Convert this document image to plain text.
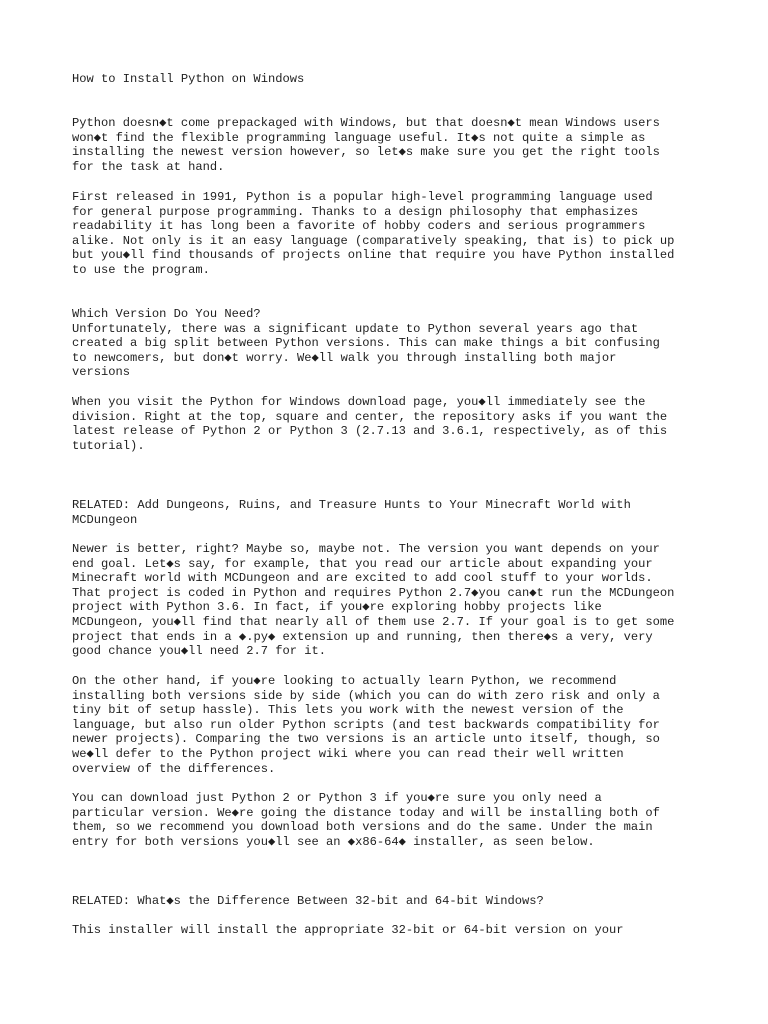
How to Install Python on Windows

Python doesn◆t come prepackaged with Windows, but that doesn◆t mean Windows users
won◆t find the flexible programming language useful. It◆s not quite a simple as
installing the newest version however, so let◆s make sure you get the right tools
for the task at hand.

First released in 1991, Python is a popular high-level programming language used
for general purpose programming. Thanks to a design philosophy that emphasizes
readability it has long been a favorite of hobby coders and serious programmers
alike. Not only is it an easy language (comparatively speaking, that is) to pick up
but you◆ll find thousands of projects online that require you have Python installed
to use the program.

Which Version Do You Need?
Unfortunately, there was a significant update to Python several years ago that
created a big split between Python versions. This can make things a bit confusing
to newcomers, but don◆t worry. We◆ll walk you through installing both major
versions

When you visit the Python for Windows download page, you◆ll immediately see the
division. Right at the top, square and center, the repository asks if you want the
latest release of Python 2 or Python 3 (2.7.13 and 3.6.1, respectively, as of this
tutorial).

RELATED: Add Dungeons, Ruins, and Treasure Hunts to Your Minecraft World with
MCDungeon

Newer is better, right? Maybe so, maybe not. The version you want depends on your
end goal. Let◆s say, for example, that you read our article about expanding your
Minecraft world with MCDungeon and are excited to add cool stuff to your worlds.
That project is coded in Python and requires Python 2.7◆you can◆t run the MCDungeon
project with Python 3.6. In fact, if you◆re exploring hobby projects like
MCDungeon, you◆ll find that nearly all of them use 2.7. If your goal is to get some
project that ends in a ◆.py◆ extension up and running, then there◆s a very, very
good chance you◆ll need 2.7 for it.

On the other hand, if you◆re looking to actually learn Python, we recommend
installing both versions side by side (which you can do with zero risk and only a
tiny bit of setup hassle). This lets you work with the newest version of the
language, but also run older Python scripts (and test backwards compatibility for
newer projects). Comparing the two versions is an article unto itself, though, so
we◆ll defer to the Python project wiki where you can read their well written
overview of the differences.

You can download just Python 2 or Python 3 if you◆re sure you only need a
particular version. We◆re going the distance today and will be installing both of
them, so we recommend you download both versions and do the same. Under the main
entry for both versions you◆ll see an ◆x86-64◆ installer, as seen below.

RELATED: What◆s the Difference Between 32-bit and 64-bit Windows?

This installer will install the appropriate 32-bit or 64-bit version on your
